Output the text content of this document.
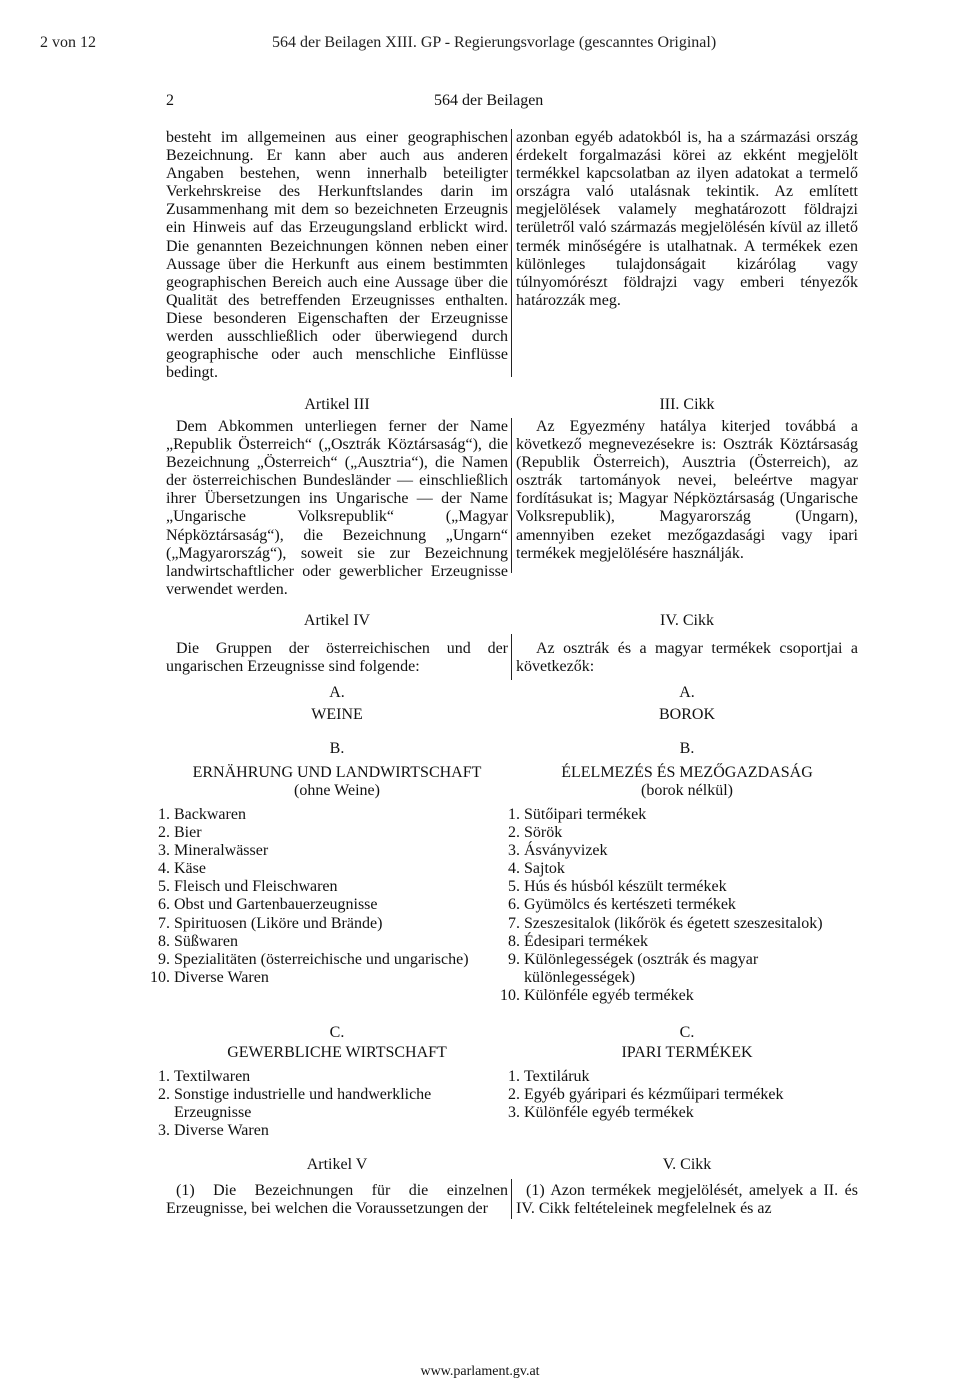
2 von 12	564 der Beilagen XIII. GP - Regierungsvorlage (gescanntes Original)
2	564 der Beilagen
besteht im allgemeinen aus einer geographischen Bezeichnung. Er kann aber auch aus anderen Angaben bestehen, wenn innerhalb beteiligter Verkehrskreise des Herkunftslandes darin im Zusammenhang mit dem so bezeichneten Erzeugnis ein Hinweis auf das Erzeugungsland erblickt wird. Die genannten Bezeichnungen können neben einer Aussage über die Herkunft aus einem bestimmten geographischen Bereich auch eine Aussage über die Qualität des betreffenden Erzeugnisses enthalten. Diese besonderen Eigenschaften der Erzeugnisse werden ausschließlich oder überwiegend durch geographische oder auch menschliche Einflüsse bedingt.
azonban egyéb adatokból is, ha a származási ország érdekelt forgalmazási körei az ekként megjelölt termékkel kapcsolatban az ilyen adatokat a termelő országra való utalásnak tekintik. Az említett megjelölések valamely meghatározott földrajzi területről való származás megjelölésén kívül az illető termék minőségére is utalhatnak. A termékek ezen különleges tulajdonságait kizárólag vagy túlnyomórészt földrajzi vagy emberi tényezők határozzák meg.
Artikel III	III. Cikk
Dem Abkommen unterliegen ferner der Name „Republik Österreich“ („Osztrák Köztársaság“), die Bezeichnung „Österreich“ („Ausztria“), die Namen der österreichischen Bundesländer — einschließlich ihrer Übersetzungen ins Ungarische — der Name „Ungarische Volksrepublik“ („Magyar Népköztársaság“), die Bezeichnung „Ungarn“ („Magyarország“), soweit sie zur Bezeichnung landwirtschaftlicher oder gewerblicher Erzeugnisse verwendet werden.
Az Egyezmény hatálya kiterjed továbbá a következő megnevezésekre is: Osztrák Köztársaság (Republik Österreich), Ausztria (Österreich), az osztrák tartományok nevei, beleértve magyar fordításukat is; Magyar Népköztársaság (Ungarische Volksrepublik), Magyarország (Ungarn), amennyiben ezeket mezőgazdasági vagy ipari termékek megjelölésére használják.
Artikel IV	IV. Cikk
Die Gruppen der österreichischen und der ungarischen Erzeugnisse sind folgende:
Az osztrák és a magyar termékek csoportjai a következők:
A.	A.
WEINE	BOROK
B.	B.
ERNÄHRUNG UND LANDWIRTSCHAFT	ÉLELMEZÉS ÉS MEZŐGAZDASÁG
(ohne Weine)	(borok nélkül)
1. Backwaren
2. Bier
3. Mineralwässer
4. Käse
5. Fleisch und Fleischwaren
6. Obst und Gartenbauerzeugnisse
7. Spirituosen (Liköre und Brände)
8. Süßwaren
9. Spezialitäten (österreichische und ungarische)
10. Diverse Waren
1. Sütőipari termékek
2. Sörök
3. Ásványvizek
4. Sajtok
5. Hús és húsból készült termékek
6. Gyümölcs és kertészeti termékek
7. Szeszesitalok (likőrök és égetett szeszesitalok)
8. Édesipari termékek
9. Különlegességek (osztrák és magyar különlegességek)
10. Különféle egyéb termékek
C.	C.
GEWERBLICHE WIRTSCHAFT	IPARI TERMÉKEK
1. Textilwaren
2. Sonstige industrielle und handwerkliche Erzeugnisse
3. Diverse Waren
1. Textiláruk
2. Egyéb gyáripari és kézműipari termékek
3. Különféle egyéb termékek
Artikel V	V. Cikk
(1) Die Bezeichnungen für die einzelnen Erzeugnisse, bei welchen die Voraussetzungen der
(1) Azon termékek megjelölését, amelyek a II. és IV. Cikk feltételeinek megfelelnek és az
www.parlament.gv.at
